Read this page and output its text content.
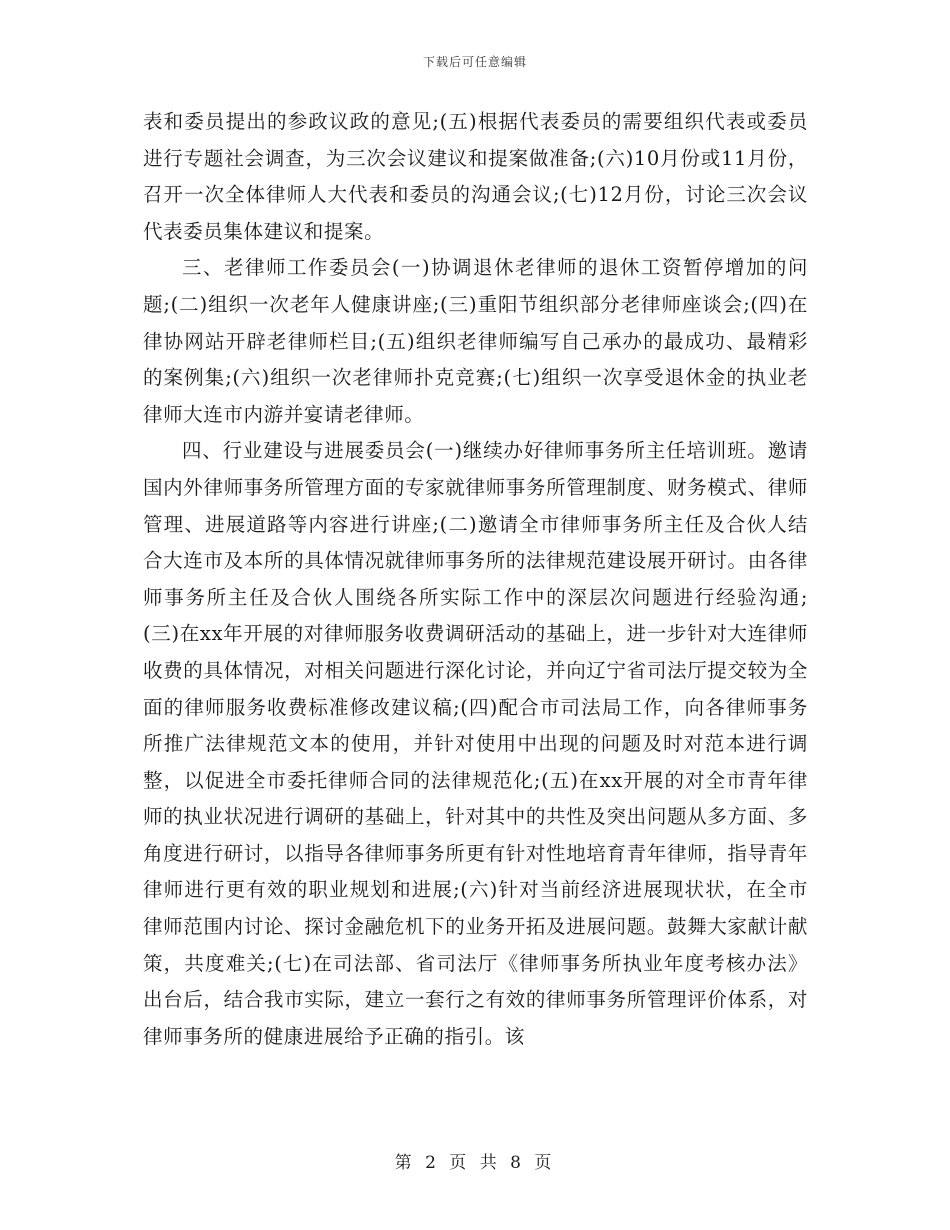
下载后可任意编辑

表和委员提出的参政议政的意见;(五)根据代表委员的需要组织代表或委员进行专题社会调查，为三次会议建议和提案做准备;(六)10月份或11月份，召开一次全体律师人大代表和委员的沟通会议;(七)12月份，讨论三次会议代表委员集体建议和提案。

三、老律师工作委员会(一)协调退休老律师的退休工资暂停增加的问题;(二)组织一次老年人健康讲座;(三)重阳节组织部分老律师座谈会;(四)在律协网站开辟老律师栏目;(五)组织老律师编写自己承办的最成功、最精彩的案例集;(六)组织一次老律师扑克竞赛;(七)组织一次享受退休金的执业老律师大连市内游并宴请老律师。

四、行业建设与进展委员会(一)继续办好律师事务所主任培训班。邀请国内外律师事务所管理方面的专家就律师事务所管理制度、财务模式、律师管理、进展道路等内容进行讲座;(二)邀请全市律师事务所主任及合伙人结合大连市及本所的具体情况就律师事务所的法律规范建设展开研讨。由各律师事务所主任及合伙人围绕各所实际工作中的深层次问题进行经验沟通;(三)在xx年开展的对律师服务收费调研活动的基础上，进一步针对大连律师收费的具体情况，对相关问题进行深化讨论，并向辽宁省司法厅提交较为全面的律师服务收费标准修改建议稿;(四)配合市司法局工作，向各律师事务所推广法律规范文本的使用，并针对使用中出现的问题及时对范本进行调整，以促进全市委托律师合同的法律规范化;(五)在xx开展的对全市青年律师的执业状况进行调研的基础上，针对其中的共性及突出问题从多方面、多角度进行研讨，以指导各律师事务所更有针对性地培育青年律师，指导青年律师进行更有效的职业规划和进展;(六)针对当前经济进展现状状，在全市律师范围内讨论、探讨金融危机下的业务开拓及进展问题。鼓舞大家献计献策，共度难关;(七)在司法部、省司法厅《律师事务所执业年度考核办法》出台后，结合我市实际，建立一套行之有效的律师事务所管理评价体系，对律师事务所的健康进展给予正确的指引。该

第 2 页 共 8 页
